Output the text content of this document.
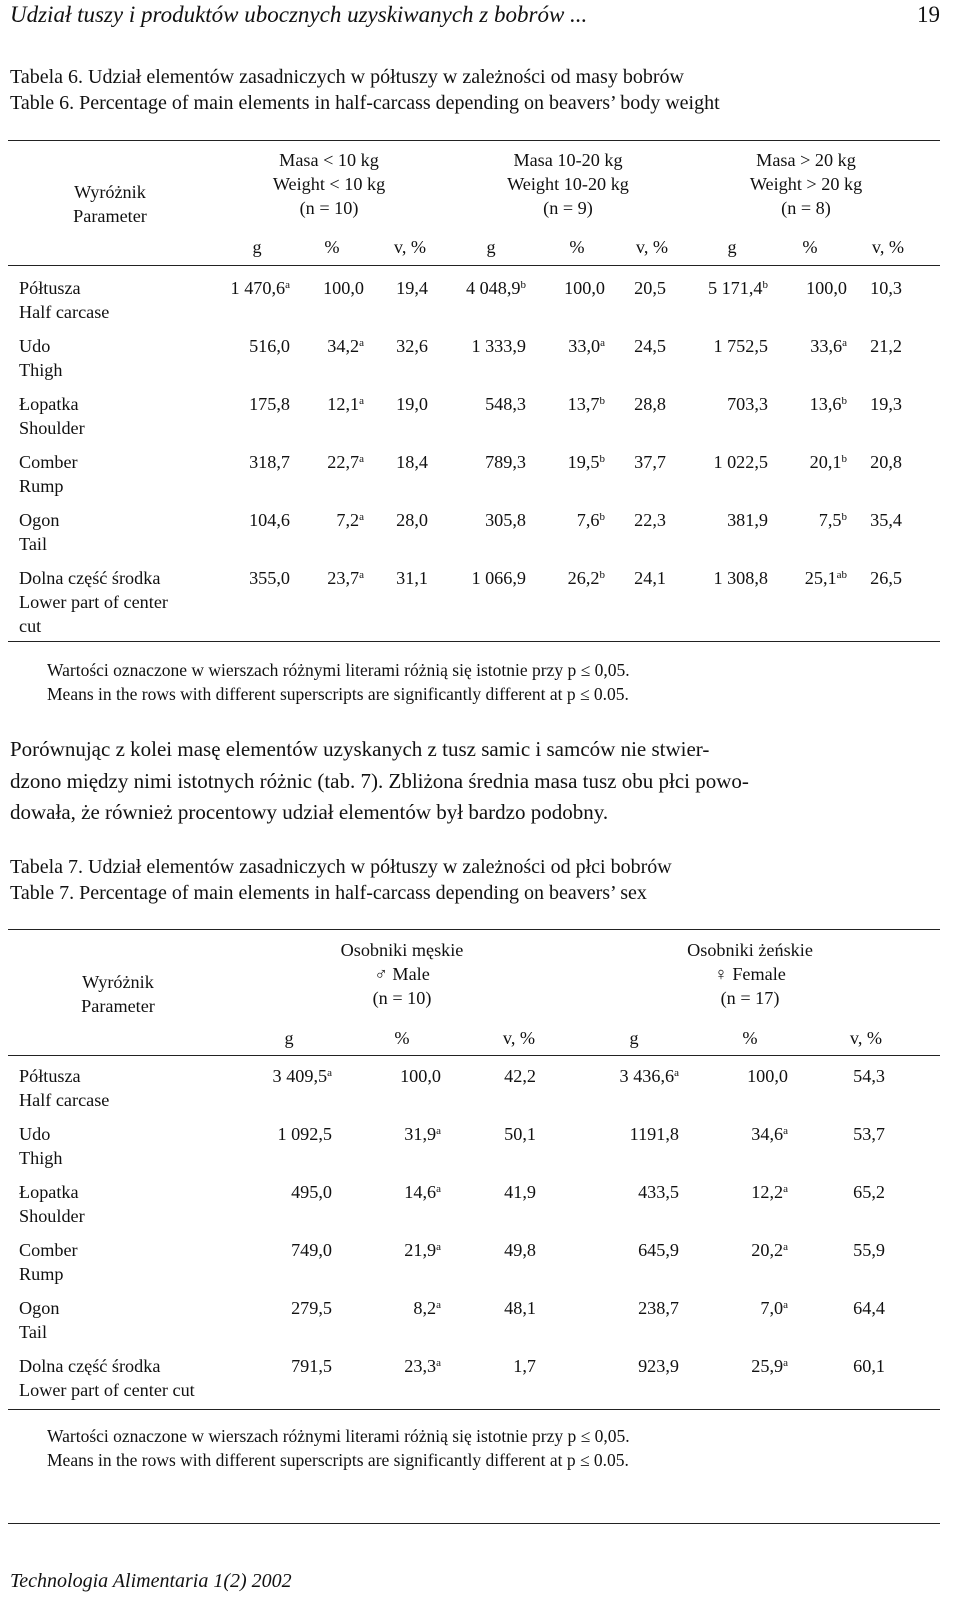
Udział tuszy i produktów ubocznych uzyskiwanych z bobrów ...	19
Tabela 6. Udział elementów zasadniczych w półtuszy w zależności od masy bobrów
Table 6. Percentage of main elements in half-carcass depending on beavers’ body weight
Wyróżnik
Parameter
Masa < 10 kg
Weight < 10 kg
(n = 10)
Masa 10-20 kg
Weight 10-20 kg
(n = 9)
Masa > 20 kg
Weight > 20 kg
(n = 8)
g	%	v, %	g	%	v, %	g	%	v, %
Półtusza
Half carcase
1 470,6$^a$	100,0	19,4	4 048,9$^b$	100,0	20,5	5 171,4$^b$	100,0	10,3
Udo
Thigh
516,0	34,2$^a$	32,6	1 333,9	33,0$^a$	24,5	1 752,5	33,6$^a$	21,2
Łopatka
Shoulder
175,8	12,1$^a$	19,0	548,3	13,7$^b$	28,8	703,3	13,6$^b$	19,3
Comber
Rump
318,7	22,7$^a$	18,4	789,3	19,5$^b$	37,7	1 022,5	20,1$^b$	20,8
Ogon
Tail
104,6	7,2$^a$	28,0	305,8	7,6$^b$	22,3	381,9	7,5$^b$	35,4
Dolna część środka
Lower part of center
cut
355,0	23,7$^a$	31,1	1 066,9	26,2$^b$	24,1	1 308,8	25,1$^{ab}$	26,5
Wartości oznaczone w wierszach różnymi literami różnią się istotnie przy p ≤ 0,05.
Means in the rows with different superscripts are significantly different at p ≤ 0.05.
Porównując z kolei masę elementów uzyskanych z tusz samic i samców nie stwier-
dzono między nimi istotnych różnic (tab. 7). Zbliżona średnia masa tusz obu płci powo-
dowała, że również procentowy udział elementów był bardzo podobny.
Tabela 7. Udział elementów zasadniczych w półtuszy w zależności od płci bobrów
Table 7. Percentage of main elements in half-carcass depending on beavers’ sex
Wyróżnik
Parameter
Osobniki męskie
♂ Male
(n = 10)
Osobniki żeńskie
♀ Female
(n = 17)
g	%	v, %	g	%	v, %
Półtusza
Half carcase
3 409,5$^a$	100,0	42,2	3 436,6$^a$	100,0	54,3
Udo
Thigh
1 092,5	31,9$^a$	50,1	1191,8	34,6$^a$	53,7
Łopatka
Shoulder
495,0	14,6$^a$	41,9	433,5	12,2$^a$	65,2
Comber
Rump
749,0	21,9$^a$	49,8	645,9	20,2$^a$	55,9
Ogon
Tail
279,5	8,2$^a$	48,1	238,7	7,0$^a$	64,4
Dolna część środka
Lower part of center cut
791,5	23,3$^a$	1,7	923,9	25,9$^a$	60,1
Wartości oznaczone w wierszach różnymi literami różnią się istotnie przy p ≤ 0,05.
Means in the rows with different superscripts are significantly different at p ≤ 0.05.
Technologia Alimentaria 1(2) 2002
